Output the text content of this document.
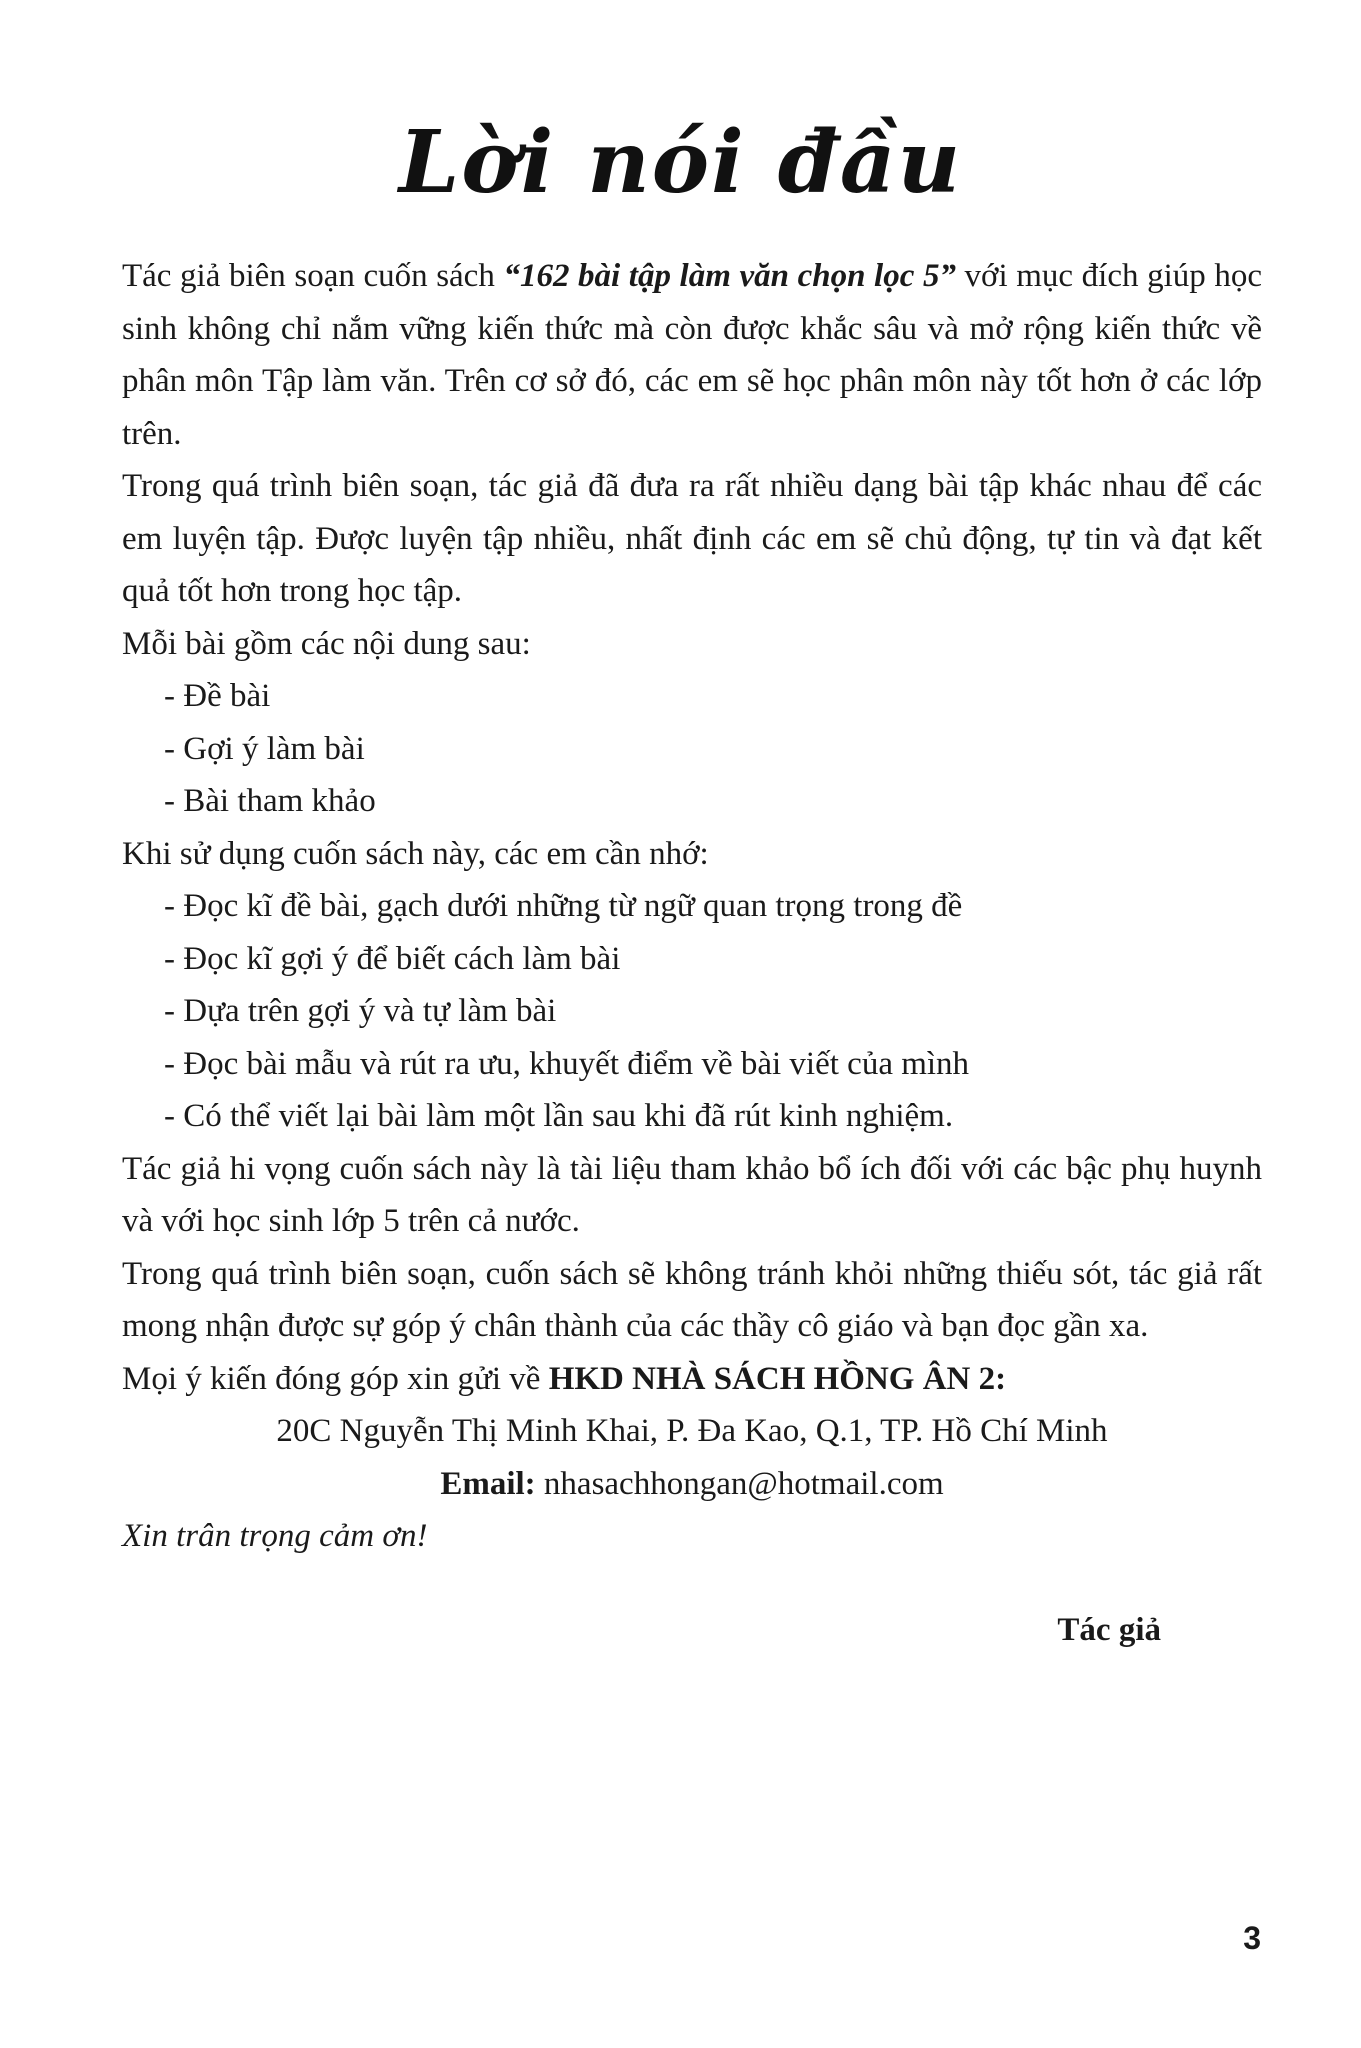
Lời nói đầu

Tác giả biên soạn cuốn sách “162 bài tập làm văn chọn lọc 5” với mục đích giúp học sinh không chỉ nắm vững kiến thức mà còn được khắc sâu và mở rộng kiến thức về phân môn Tập làm văn. Trên cơ sở đó, các em sẽ học phân môn này tốt hơn ở các lớp trên.

Trong quá trình biên soạn, tác giả đã đưa ra rất nhiều dạng bài tập khác nhau để các em luyện tập. Được luyện tập nhiều, nhất định các em sẽ chủ động, tự tin và đạt kết quả tốt hơn trong học tập.

Mỗi bài gồm các nội dung sau:

- Đề bài

- Gợi ý làm bài

- Bài tham khảo

Khi sử dụng cuốn sách này, các em cần nhớ:

- Đọc kĩ đề bài, gạch dưới những từ ngữ quan trọng trong đề

- Đọc kĩ gợi ý để biết cách làm bài

- Dựa trên gợi ý và tự làm bài

- Đọc bài mẫu và rút ra ưu, khuyết điểm về bài viết của mình

- Có thể viết lại bài làm một lần sau khi đã rút kinh nghiệm.

Tác giả hi vọng cuốn sách này là tài liệu tham khảo bổ ích đối với các bậc phụ huynh và với học sinh lớp 5 trên cả nước.

Trong quá trình biên soạn, cuốn sách sẽ không tránh khỏi những thiếu sót, tác giả rất mong nhận được sự góp ý chân thành của các thầy cô giáo và bạn đọc gần xa.

Mọi ý kiến đóng góp xin gửi về HKD NHÀ SÁCH HỒNG ÂN 2:

20C Nguyễn Thị Minh Khai, P. Đa Kao, Q.1, TP. Hồ Chí Minh

Email: nhasachhongan@hotmail.com

Xin trân trọng cảm ơn!

Tác giả
3
